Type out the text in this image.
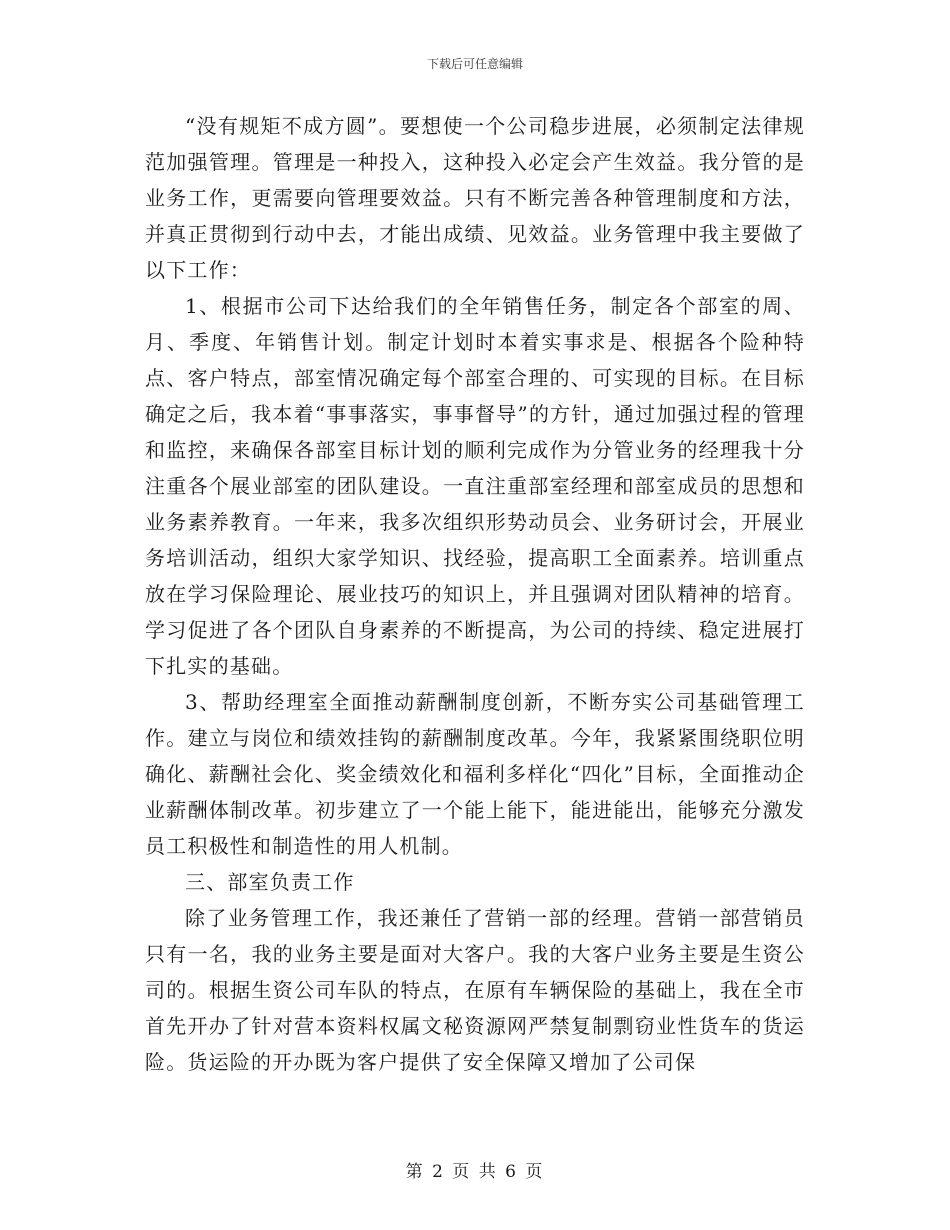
下载后可任意编辑

“没有规矩不成方圆”。要想使一个公司稳步进展，必须制定法律规范加强管理。管理是一种投入，这种投入必定会产生效益。我分管的是业务工作，更需要向管理要效益。只有不断完善各种管理制度和方法，并真正贯彻到行动中去，才能出成绩、见效益。业务管理中我主要做了以下工作：

1、根据市公司下达给我们的全年销售任务，制定各个部室的周、月、季度、年销售计划。制定计划时本着实事求是、根据各个险种特点、客户特点，部室情况确定每个部室合理的、可实现的目标。在目标确定之后，我本着“事事落实，事事督导”的方针，通过加强过程的管理和监控，来确保各部室目标计划的顺利完成作为分管业务的经理我十分注重各个展业部室的团队建设。一直注重部室经理和部室成员的思想和业务素养教育。一年来，我多次组织形势动员会、业务研讨会，开展业务培训活动，组织大家学知识、找经验，提高职工全面素养。培训重点放在学习保险理论、展业技巧的知识上，并且强调对团队精神的培育。学习促进了各个团队自身素养的不断提高，为公司的持续、稳定进展打下扎实的基础。

3、帮助经理室全面推动薪酬制度创新，不断夯实公司基础管理工作。建立与岗位和绩效挂钩的薪酬制度改革。今年，我紧紧围绕职位明确化、薪酬社会化、奖金绩效化和福利多样化“四化”目标，全面推动企业薪酬体制改革。初步建立了一个能上能下，能进能出，能够充分激发员工积极性和制造性的用人机制。

三、部室负责工作

除了业务管理工作，我还兼任了营销一部的经理。营销一部营销员只有一名，我的业务主要是面对大客户。我的大客户业务主要是生资公司的。根据生资公司车队的特点，在原有车辆保险的基础上，我在全市首先开办了针对营本资料权属文秘资源网严禁复制剽窃业性货车的货运险。货运险的开办既为客户提供了安全保障又增加了公司保

第 2 页 共 6 页
